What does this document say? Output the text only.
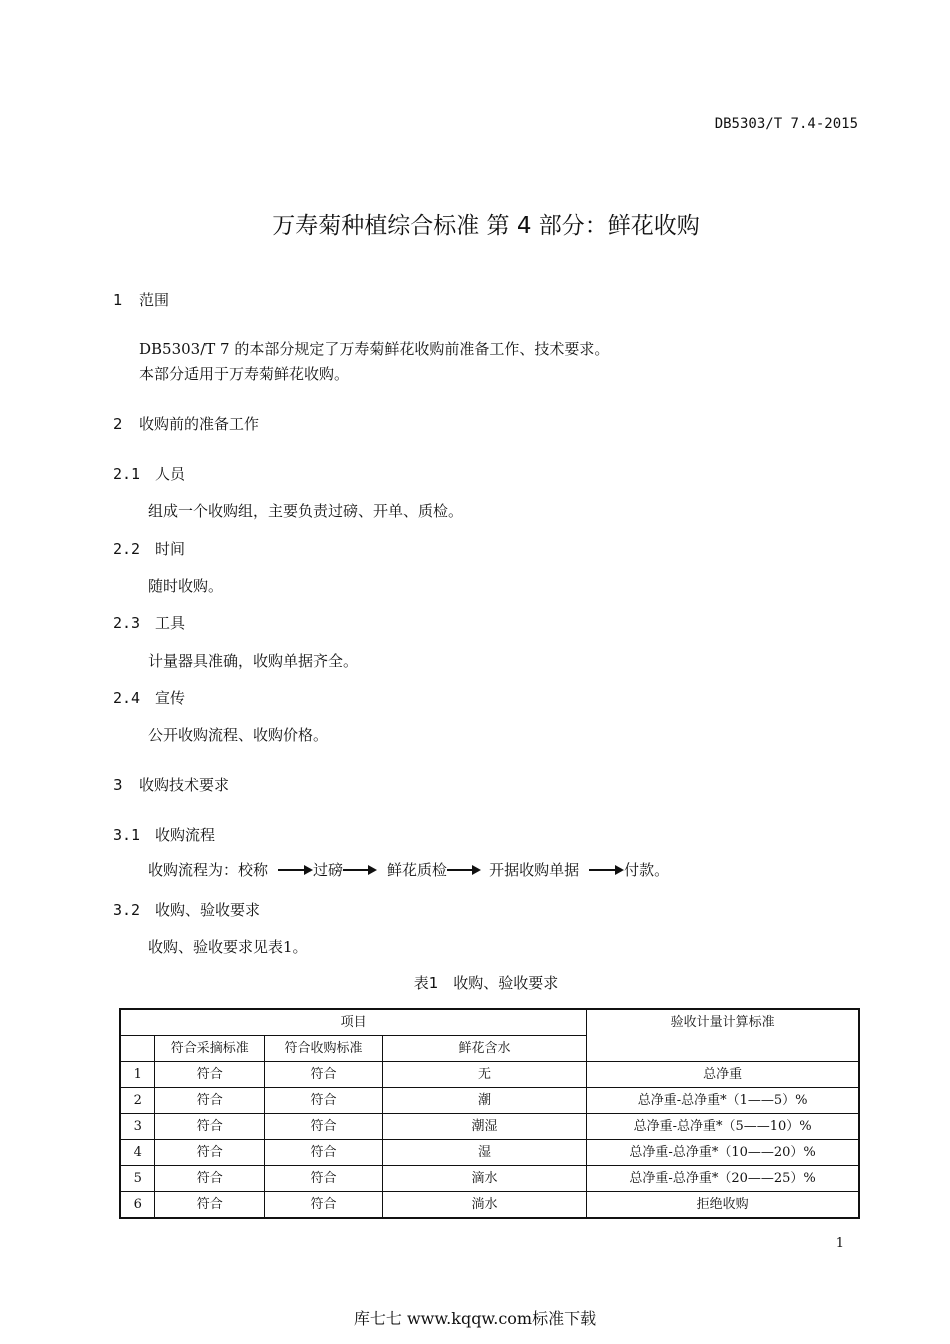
DB5303/T 7.4-2015
万寿菊种植综合标准 第 4 部分：鲜花收购
1 范围
DB5303/T 7 的本部分规定了万寿菊鲜花收购前准备工作、技术要求。
本部分适用于万寿菊鲜花收购。
2 收购前的准备工作
2.1 人员
组成一个收购组，主要负责过磅、开单、质检。
2.2 时间
随时收购。
2.3 工具
计量器具准确，收购单据齐全。
2.4 宣传
公开收购流程、收购价格。
3 收购技术要求
3.1 收购流程
收购流程为： 校称	过磅	鲜花质检	开据收购单据	付款。
3.2 收购、验收要求
收购、验收要求见表1。
表1　收购、验收要求
项目				验收计量计算标准
	符合采摘标准	符合收购标准	鲜花含水	
1	符合	符合	无	总净重
2	符合	符合	潮	总净重-总净重*（1——5）%
3	符合	符合	潮湿	总净重-总净重*（5——10）%
4	符合	符合	湿	总净重-总净重*（10——20）%
5	符合	符合	滴水	总净重-总净重*（20——25）%
6	符合	符合	淌水	拒绝收购
1
库七七 www.kqqw.com标准下载
